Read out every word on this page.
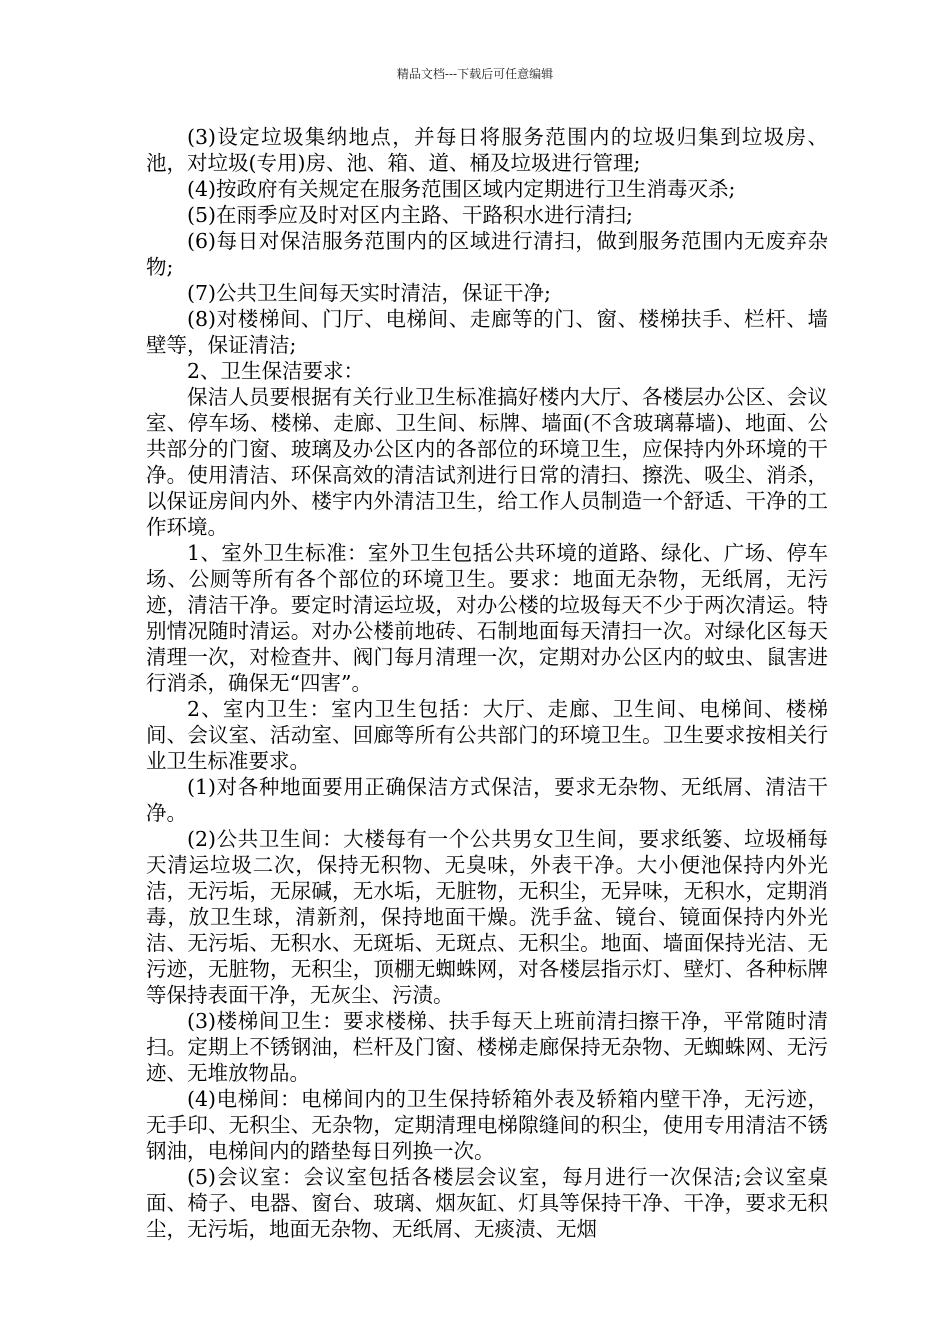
精品文档---下载后可任意编辑

(3)设定垃圾集纳地点，并每日将服务范围内的垃圾归集到垃圾房、池，对垃圾(专用)房、池、箱、道、桶及垃圾进行管理;

(4)按政府有关规定在服务范围区域内定期进行卫生消毒灭杀;

(5)在雨季应及时对区内主路、干路积水进行清扫;

(6)每日对保洁服务范围内的区域进行清扫，做到服务范围内无废弃杂物;

(7)公共卫生间每天实时清洁，保证干净;

(8)对楼梯间、门厅、电梯间、走廊等的门、窗、楼梯扶手、栏杆、墙壁等，保证清洁;

2、卫生保洁要求：

保洁人员要根据有关行业卫生标准搞好楼内大厅、各楼层办公区、会议室、停车场、楼梯、走廊、卫生间、标牌、墙面(不含玻璃幕墙)、地面、公共部分的门窗、玻璃及办公区内的各部位的环境卫生，应保持内外环境的干净。使用清洁、环保高效的清洁试剂进行日常的清扫、擦洗、吸尘、消杀，以保证房间内外、楼宇内外清洁卫生，给工作人员制造一个舒适、干净的工作环境。

1、室外卫生标准：室外卫生包括公共环境的道路、绿化、广场、停车场、公厕等所有各个部位的环境卫生。要求：地面无杂物，无纸屑，无污迹，清洁干净。要定时清运垃圾，对办公楼的垃圾每天不少于两次清运。特别情况随时清运。对办公楼前地砖、石制地面每天清扫一次。对绿化区每天清理一次，对检查井、阀门每月清理一次，定期对办公区内的蚊虫、鼠害进行消杀，确保无“四害”。

2、室内卫生：室内卫生包括：大厅、走廊、卫生间、电梯间、楼梯间、会议室、活动室、回廊等所有公共部门的环境卫生。卫生要求按相关行业卫生标准要求。

(1)对各种地面要用正确保洁方式保洁，要求无杂物、无纸屑、清洁干净。

(2)公共卫生间：大楼每有一个公共男女卫生间，要求纸篓、垃圾桶每天清运垃圾二次，保持无积物、无臭味，外表干净。大小便池保持内外光洁，无污垢，无尿碱，无水垢，无脏物，无积尘，无异味，无积水，定期消毒，放卫生球，清新剂，保持地面干燥。洗手盆、镜台、镜面保持内外光洁、无污垢、无积水、无斑垢、无斑点、无积尘。地面、墙面保持光洁、无污迹，无脏物，无积尘，顶棚无蜘蛛网，对各楼层指示灯、壁灯、各种标牌等保持表面干净，无灰尘、污渍。

(3)楼梯间卫生：要求楼梯、扶手每天上班前清扫擦干净，平常随时清扫。定期上不锈钢油，栏杆及门窗、楼梯走廊保持无杂物、无蜘蛛网、无污迹、无堆放物品。

(4)电梯间：电梯间内的卫生保持轿箱外表及轿箱内壁干净，无污迹，无手印、无积尘、无杂物，定期清理电梯隙缝间的积尘，使用专用清洁不锈钢油，电梯间内的踏垫每日列换一次。

(5)会议室：会议室包括各楼层会议室，每月进行一次保洁;会议室桌面、椅子、电器、窗台、玻璃、烟灰缸、灯具等保持干净、干净，要求无积尘，无污垢，地面无杂物、无纸屑、无痰渍、无烟
